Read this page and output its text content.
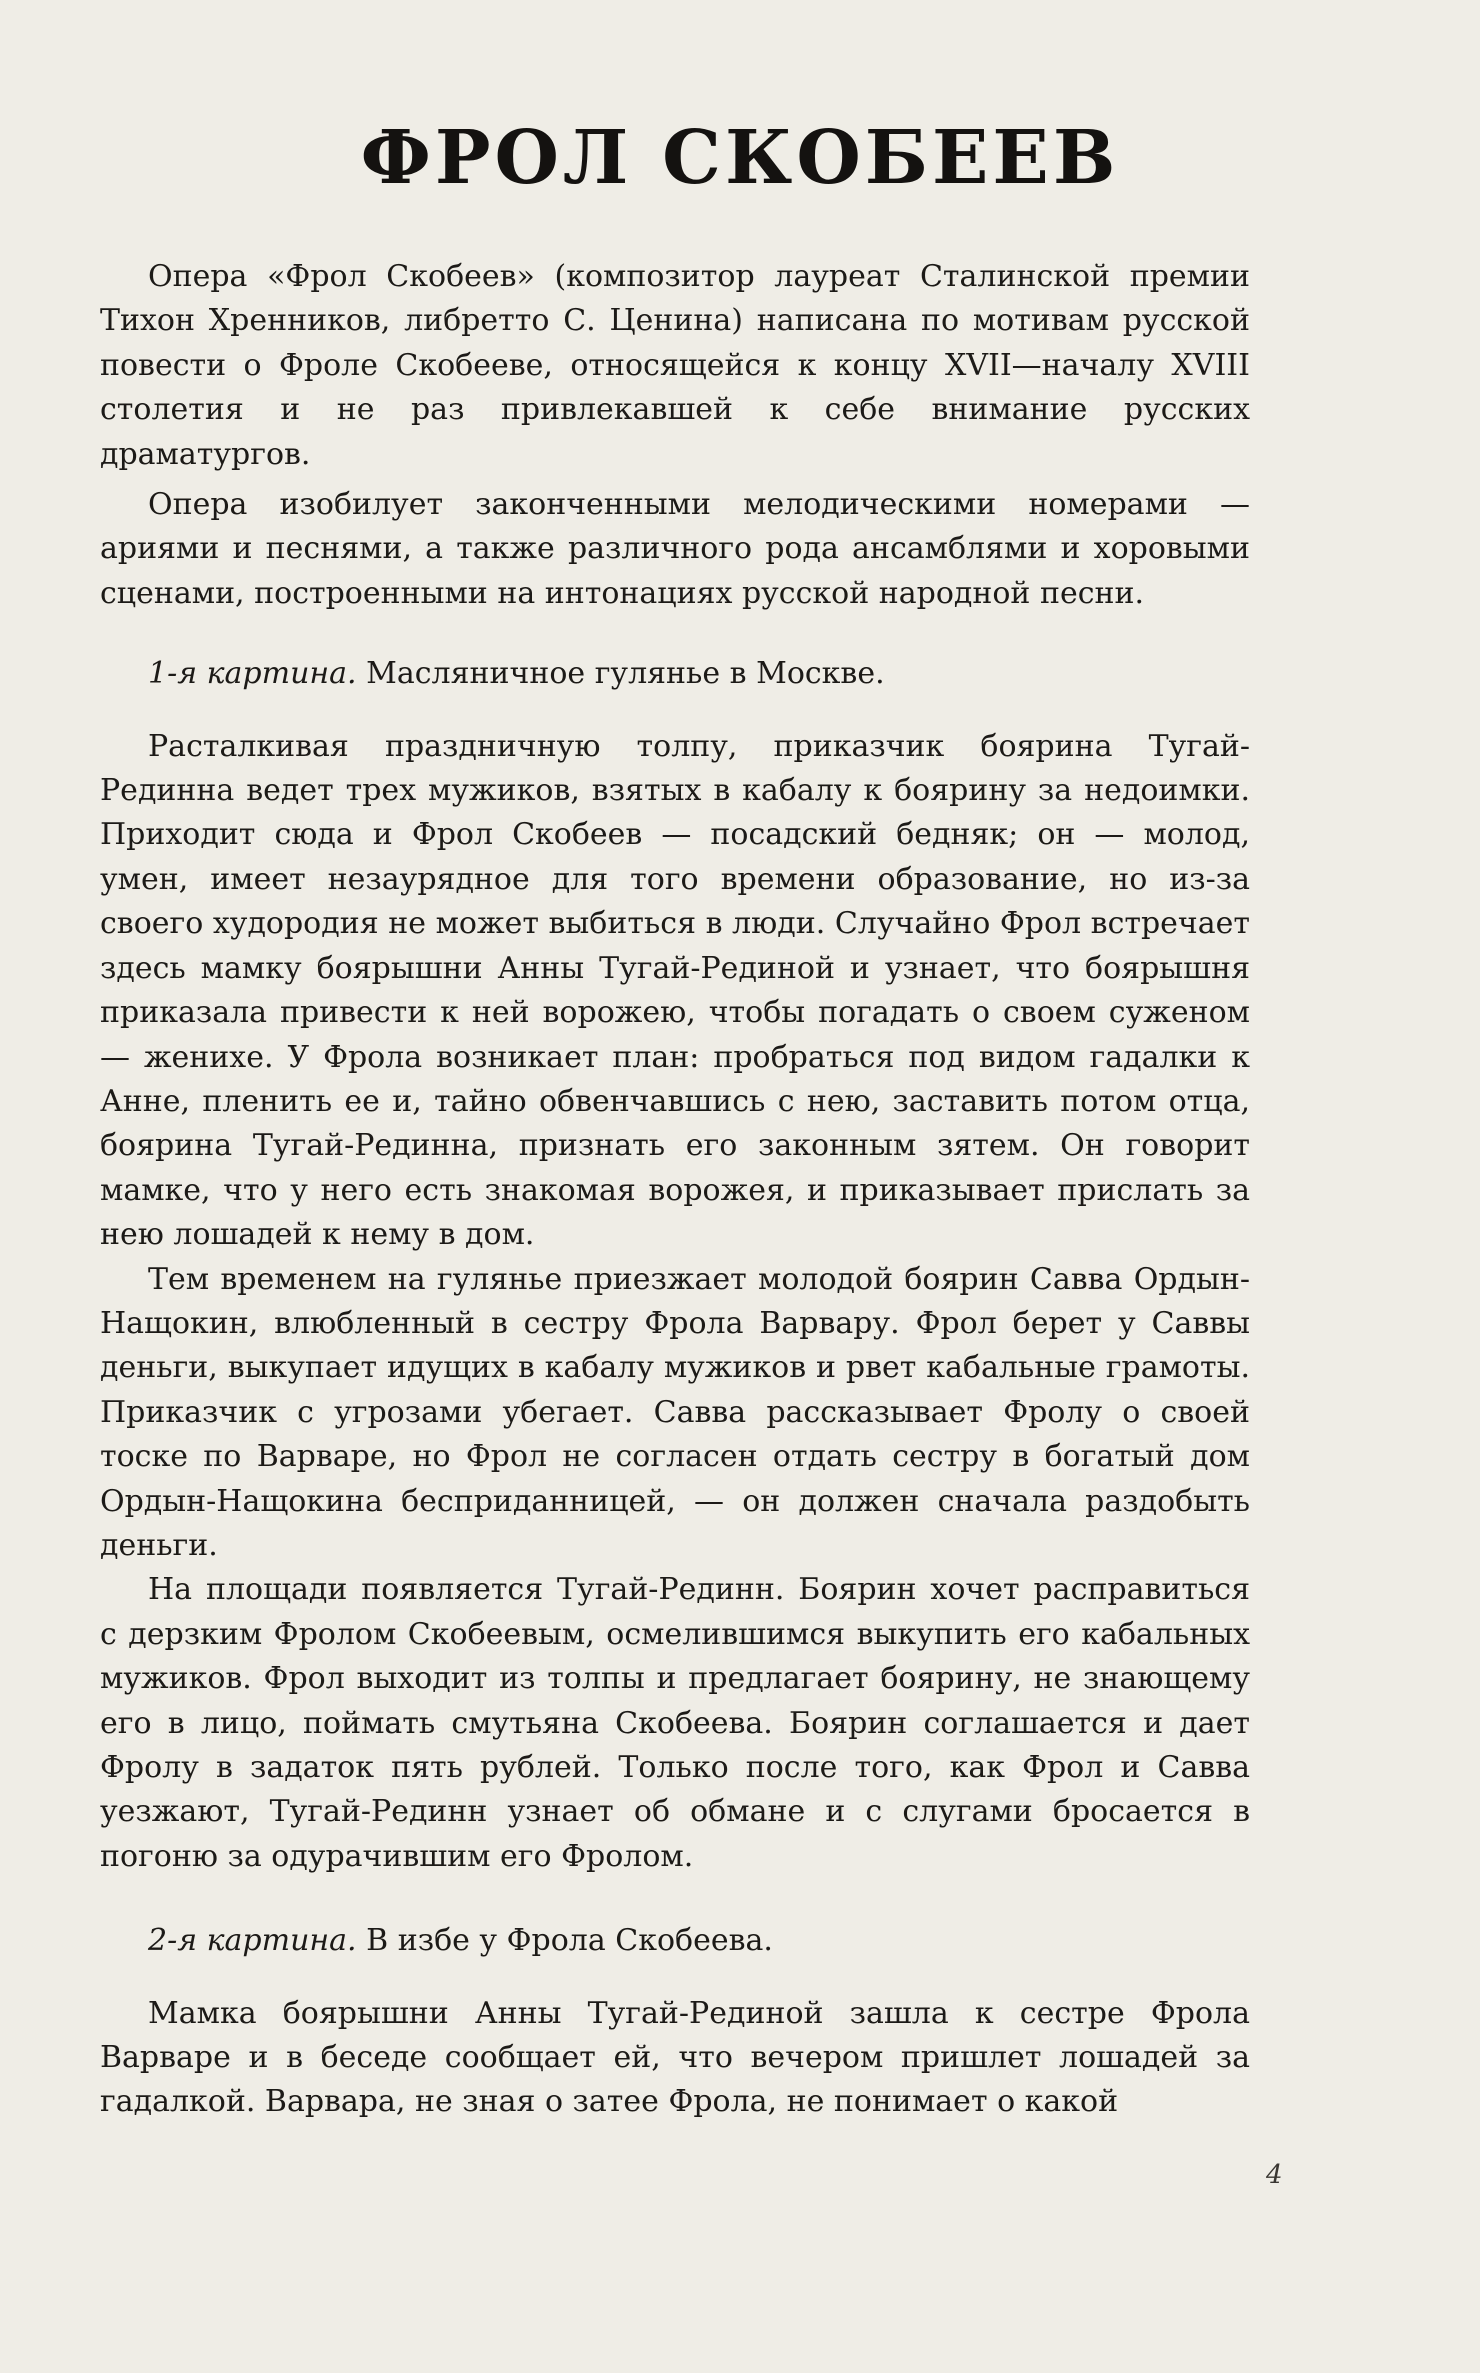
ФРОЛ СКОБЕЕВ

Опера «Фрол Скобеев» (композитор лауреат Сталинской премии Тихон Хренников, либретто С. Ценина) написана по мотивам русской повести о Фроле Скобееве, относящейся к концу XVII—началу XVIII столетия и не раз привлекавшей к себе внимание русских драматургов.

Опера изобилует законченными мелодическими номерами — ариями и песнями, а также различного рода ансамблями и хоровыми сценами, построенными на интонациях русской народной песни.

1-я картина. Масляничное гулянье в Москве.

Расталкивая праздничную толпу, приказчик боярина Тугай-Рединна ведет трех мужиков, взятых в кабалу к боярину за недоимки. Приходит сюда и Фрол Скобеев — посадский бедняк; он — молод, умен, имеет незаурядное для того времени образование, но из-за своего худородия не может выбиться в люди. Случайно Фрол встречает здесь мамку боярышни Анны Тугай-Рединой и узнает, что боярышня приказала привести к ней ворожею, чтобы погадать о своем суженом — женихе. У Фрола возникает план: пробраться под видом гадалки к Анне, пленить ее и, тайно обвенчавшись с нею, заставить потом отца, боярина Тугай-Рединна, признать его законным зятем. Он говорит мамке, что у него есть знакомая ворожея, и приказывает прислать за нею лошадей к нему в дом.

Тем временем на гулянье приезжает молодой боярин Савва Ордын-Нащокин, влюбленный в сестру Фрола Варвару. Фрол берет у Саввы деньги, выкупает идущих в кабалу мужиков и рвет кабальные грамоты. Приказчик с угрозами убегает. Савва рассказывает Фролу о своей тоске по Варваре, но Фрол не согласен отдать сестру в богатый дом Ордын-Нащокина бесприданницей, — он должен сначала раздобыть деньги.

На площади появляется Тугай-Рединн. Боярин хочет расправиться с дерзким Фролом Скобеевым, осмелившимся выкупить его кабальных мужиков. Фрол выходит из толпы и предлагает боярину, не знающему его в лицо, поймать смутьяна Скобеева. Боярин соглашается и дает Фролу в задаток пять рублей. Только после того, как Фрол и Савва уезжают, Тугай-Рединн узнает об обмане и с слугами бросается в погоню за одурачившим его Фролом.

2-я картина. В избе у Фрола Скобеева.

Мамка боярышни Анны Тугай-Рединой зашла к сестре Фрола Варваре и в беседе сообщает ей, что вечером пришлет лошадей за гадалкой. Варвара, не зная о затее Фрола, не понимает о какой

4
